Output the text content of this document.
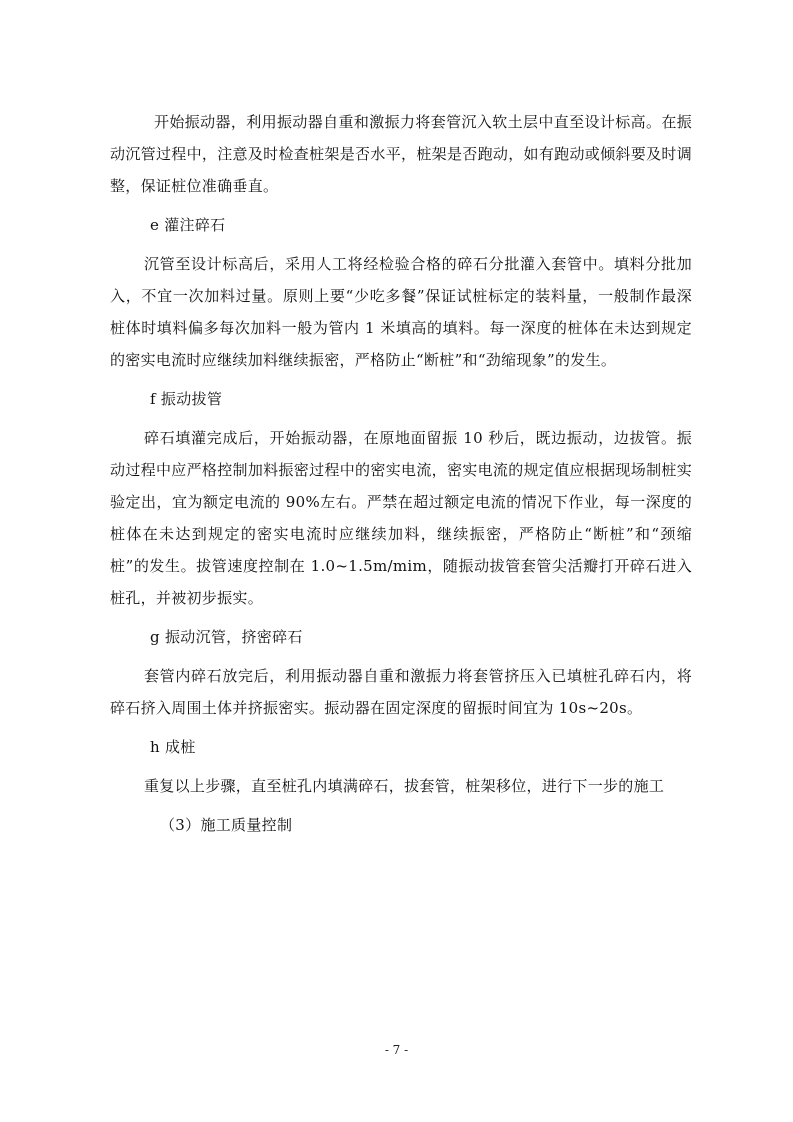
开始振动器，利用振动器自重和激振力将套管沉入软土层中直至设计标高。在振动沉管过程中，注意及时检查桩架是否水平，桩架是否跑动，如有跑动或倾斜要及时调整，保证桩位准确垂直。

e 灌注碎石

沉管至设计标高后，采用人工将经检验合格的碎石分批灌入套管中。填料分批加入，不宜一次加料过量。原则上要“少吃多餐”保证试桩标定的装料量，一般制作最深桩体时填料偏多每次加料一般为管内 1 米填高的填料。每一深度的桩体在未达到规定的密实电流时应继续加料继续振密，严格防止“断桩”和“劲缩现象”的发生。

f 振动拔管

碎石填灌完成后，开始振动器，在原地面留振 10 秒后，既边振动，边拔管。振动过程中应严格控制加料振密过程中的密实电流，密实电流的规定值应根据现场制桩实验定出，宜为额定电流的 90%左右。严禁在超过额定电流的情况下作业，每一深度的桩体在未达到规定的密实电流时应继续加料，继续振密，严格防止“断桩”和“颈缩桩”的发生。拔管速度控制在 1.0~1.5m/mim，随振动拔管套管尖活瓣打开碎石进入桩孔，并被初步振实。

g 振动沉管，挤密碎石

套管内碎石放完后，利用振动器自重和激振力将套管挤压入已填桩孔碎石内，将碎石挤入周围土体并挤振密实。振动器在固定深度的留振时间宜为 10s~20s。

h 成桩

重复以上步骤，直至桩孔内填满碎石，拔套管，桩架移位，进行下一步的施工

（3）施工质量控制

- 7 -
